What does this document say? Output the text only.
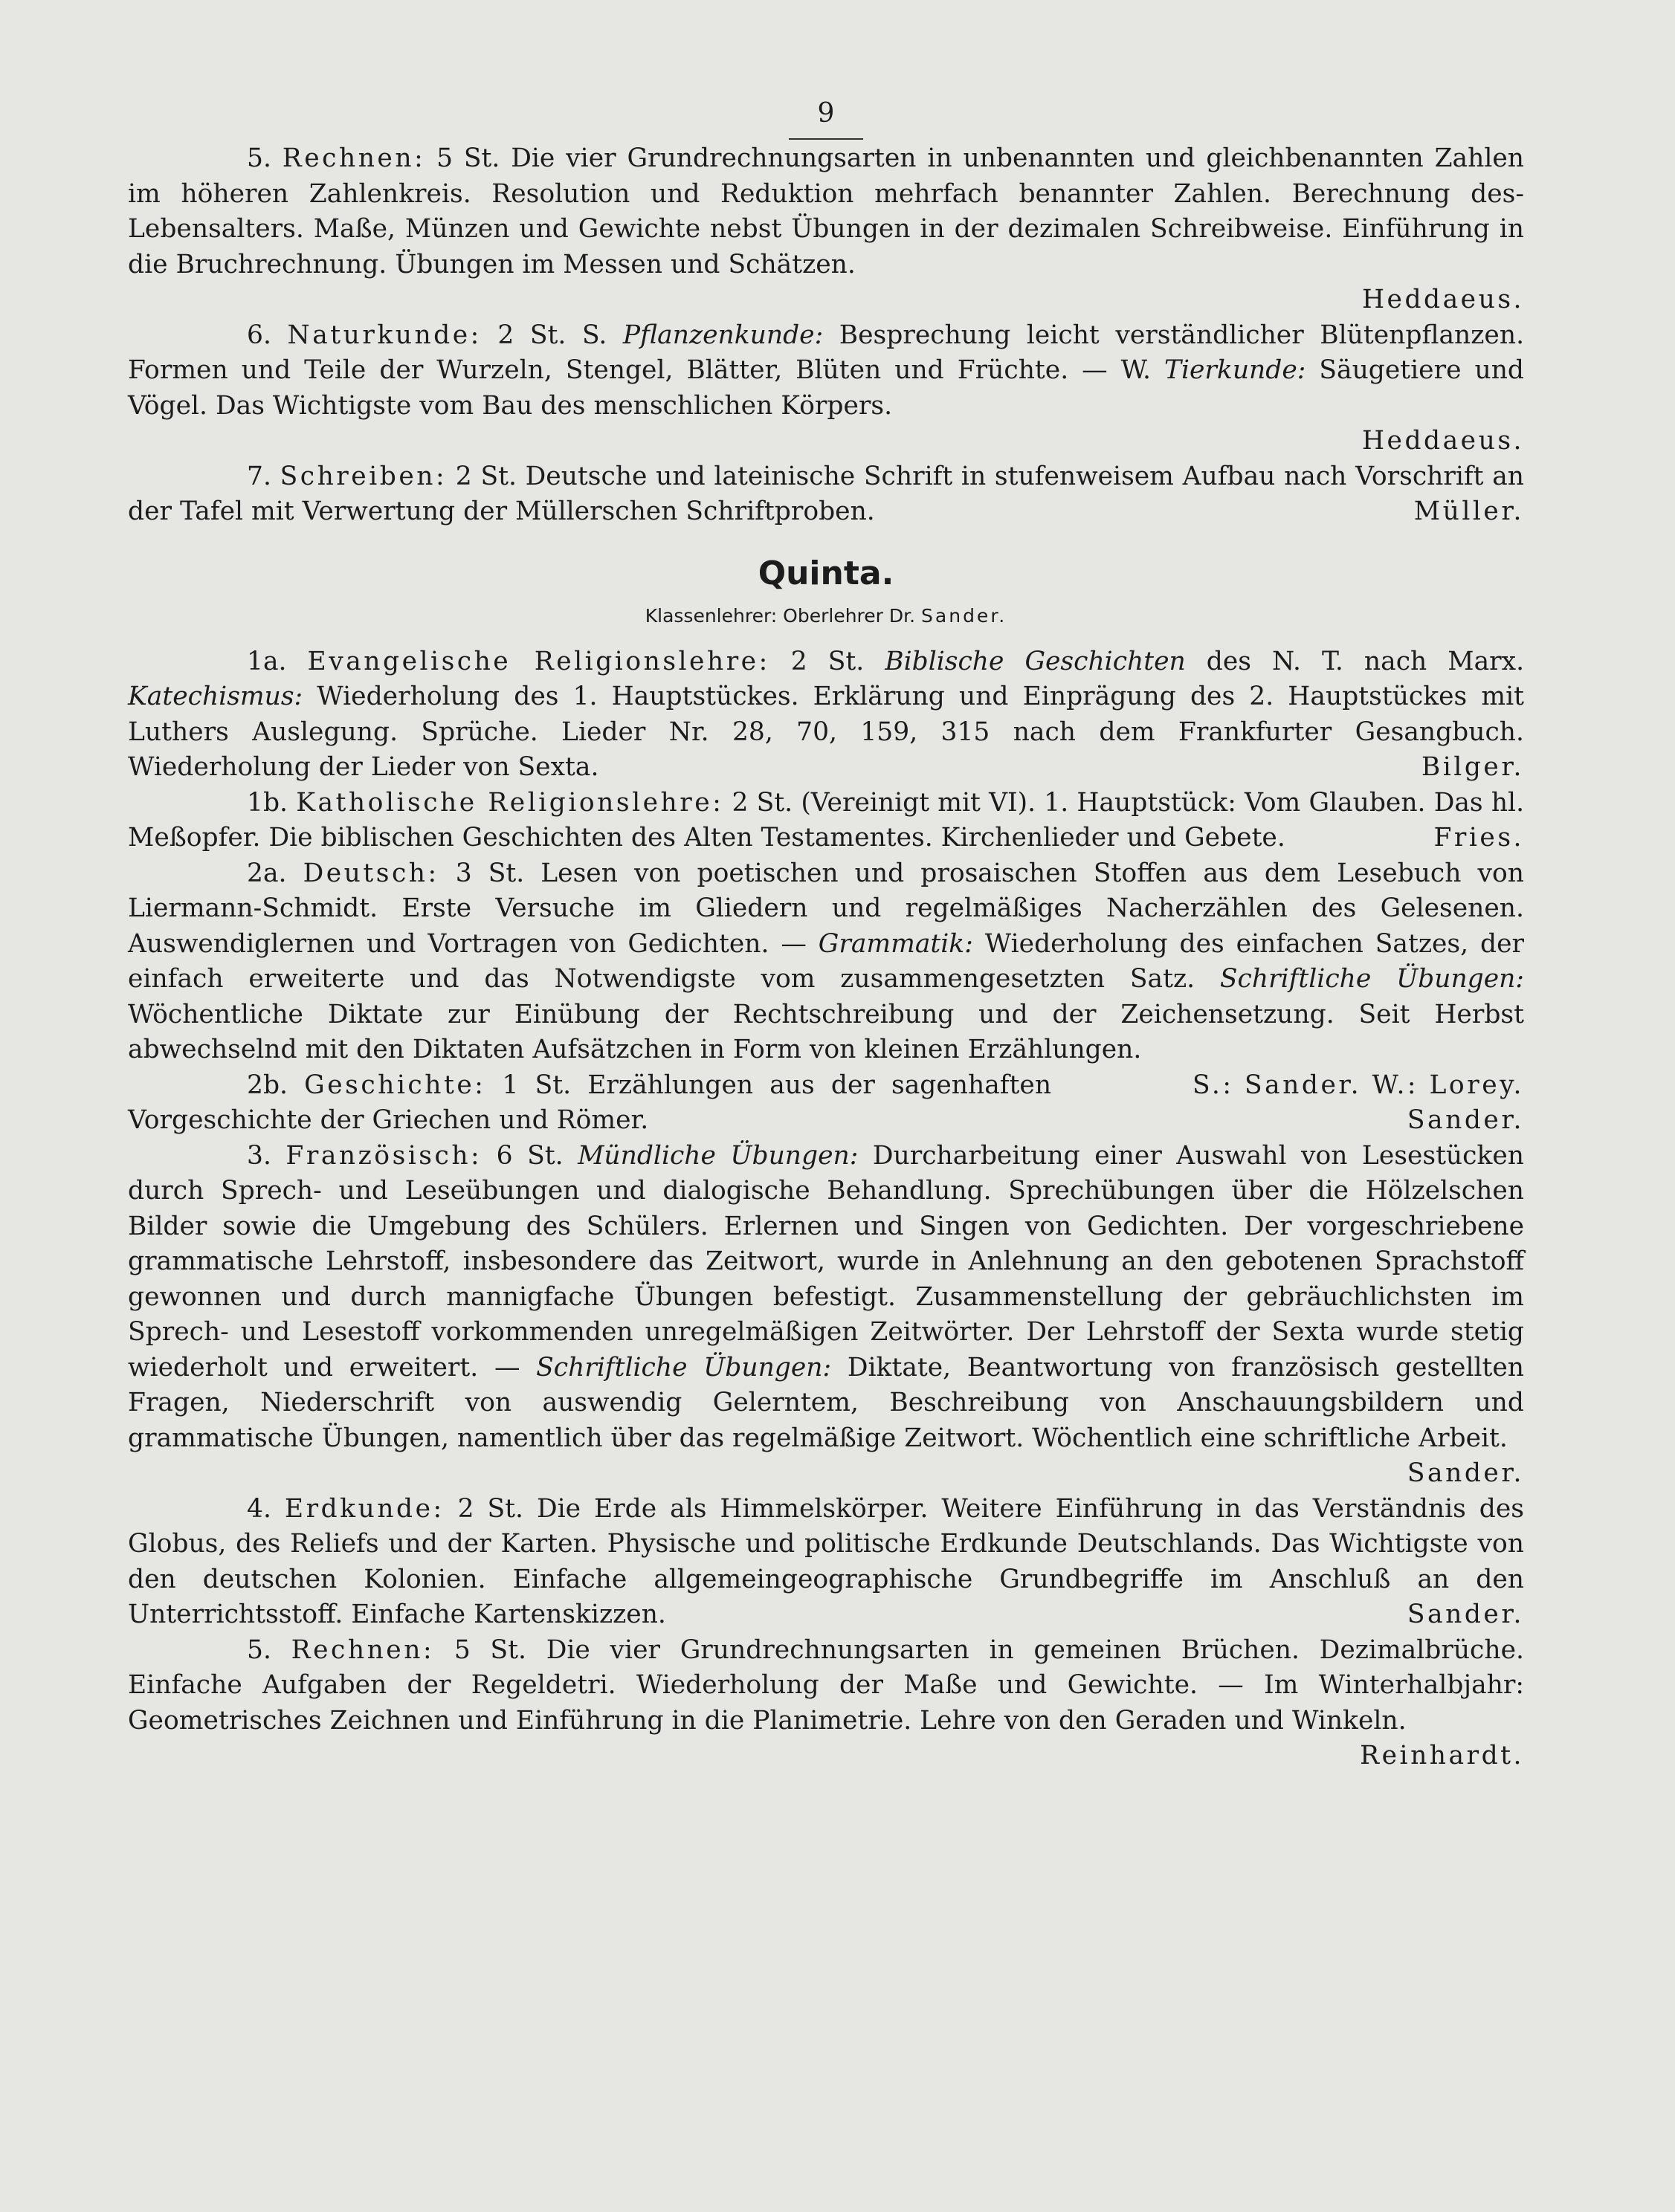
9

5. Rechnen: 5 St. Die vier Grundrechnungsarten in unbenannten und gleichbenannten Zahlen im höheren Zahlenkreis. Resolution und Reduktion mehrfach benannter Zahlen. Berechnung des-Lebensalters. Maße, Münzen und Gewichte nebst Übungen in der dezimalen Schreibweise. Einführung in die Bruchrechnung. Übungen im Messen und Schätzen.

Heddaeus.

6. Naturkunde: 2 St. S. Pflanzenkunde: Besprechung leicht verständlicher Blütenpflanzen. Formen und Teile der Wurzeln, Stengel, Blätter, Blüten und Früchte. — W. Tierkunde: Säugetiere und Vögel. Das Wichtigste vom Bau des menschlichen Körpers.

Heddaeus.

7. Schreiben: 2 St. Deutsche und lateinische Schrift in stufenweisem Aufbau nach Vorschrift an der Tafel mit Verwertung der Müllerschen Schriftproben.	Müller.

Quinta.
Klassenlehrer: Oberlehrer Dr. Sander.

1a. Evangelische Religionslehre: 2 St. Biblische Geschichten des N. T. nach Marx. Katechismus: Wiederholung des 1. Hauptstückes. Erklärung und Einprägung des 2. Hauptstückes mit Luthers Auslegung. Sprüche. Lieder Nr. 28, 70, 159, 315 nach dem Frankfurter Gesangbuch. Wiederholung der Lieder von Sexta.	Bilger.

1b. Katholische Religionslehre: 2 St. (Vereinigt mit VI). 1. Hauptstück: Vom Glauben. Das hl. Meßopfer. Die biblischen Geschichten des Alten Testamentes. Kirchenlieder und Gebete.	Fries.

2a. Deutsch: 3 St. Lesen von poetischen und prosaischen Stoffen aus dem Lesebuch von Liermann-Schmidt. Erste Versuche im Gliedern und regelmäßiges Nacherzählen des Gelesenen. Auswendiglernen und Vortragen von Gedichten. — Grammatik: Wiederholung des einfachen Satzes, der einfach erweiterte und das Notwendigste vom zusammengesetzten Satz. Schriftliche Übungen: Wöchentliche Diktate zur Einübung der Rechtschreibung und der Zeichensetzung. Seit Herbst abwechselnd mit den Diktaten Aufsätzchen in Form von kleinen Erzählungen.
S.: Sander. W.: Lorey.

2b. Geschichte: 1 St. Erzählungen aus der sagenhaften Vorgeschichte der Griechen und Römer.	Sander.

3. Französisch: 6 St. Mündliche Übungen: Durcharbeitung einer Auswahl von Lesestücken durch Sprech- und Leseübungen und dialogische Behandlung. Sprechübungen über die Hölzelschen Bilder sowie die Umgebung des Schülers. Erlernen und Singen von Gedichten. Der vorgeschriebene grammatische Lehrstoff, insbesondere das Zeitwort, wurde in Anlehnung an den gebotenen Sprachstoff gewonnen und durch mannigfache Übungen befestigt. Zusammenstellung der gebräuchlichsten im Sprech- und Lesestoff vorkommenden unregelmäßigen Zeitwörter. Der Lehrstoff der Sexta wurde stetig wiederholt und erweitert. — Schriftliche Übungen: Diktate, Beantwortung von französisch gestellten Fragen, Niederschrift von auswendig Gelerntem, Beschreibung von Anschauungsbildern und grammatische Übungen, namentlich über das regelmäßige Zeitwort. Wöchentlich eine schriftliche Arbeit.

Sander.

4. Erdkunde: 2 St. Die Erde als Himmelskörper. Weitere Einführung in das Verständnis des Globus, des Reliefs und der Karten. Physische und politische Erdkunde Deutschlands. Das Wichtigste von den deutschen Kolonien. Einfache allgemeingeographische Grundbegriffe im Anschluß an den Unterrichtsstoff. Einfache Kartenskizzen.	Sander.

5. Rechnen: 5 St. Die vier Grundrechnungsarten in gemeinen Brüchen. Dezimalbrüche. Einfache Aufgaben der Regeldetri. Wiederholung der Maße und Gewichte. — Im Winterhalbjahr: Geometrisches Zeichnen und Einführung in die Planimetrie. Lehre von den Geraden und Winkeln.
Reinhardt.
